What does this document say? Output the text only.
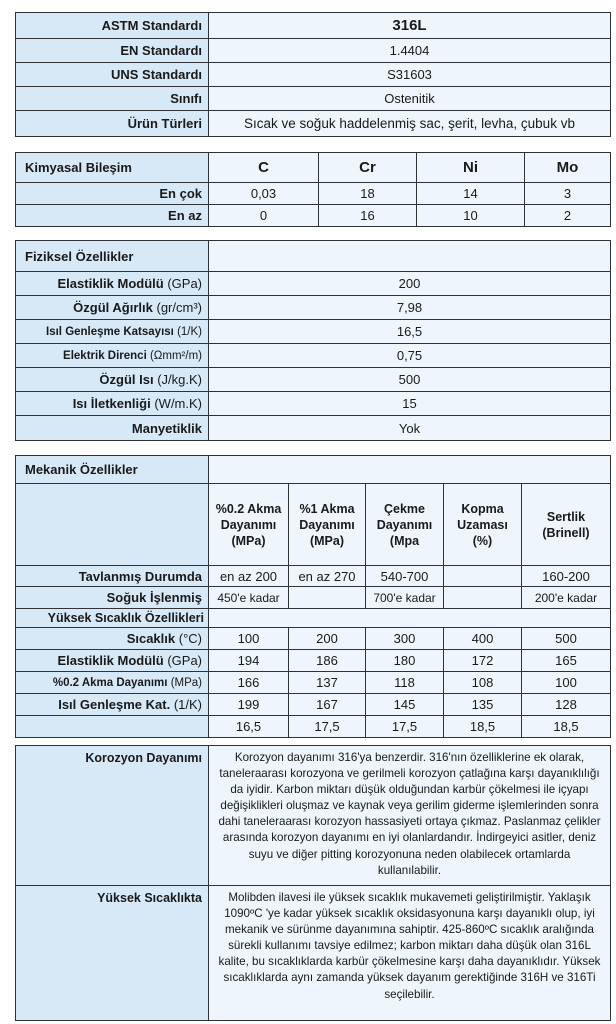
ASTM Standardı	316L
EN Standardı	1.4404
UNS Standardı	S31603
Sınıfı	Ostenitik
Ürün Türleri	Sıcak ve soğuk haddelenmiş sac, şerit, levha, çubuk vb
Kimyasal Bileşim	C	Cr	Ni	Mo
En çok	0,03	18	14	3
En az	0	16	10	2
Fiziksel Özellikler	
Elastiklik Modülü (GPa)	200
Özgül Ağırlık (gr/cm³)	7,98
Isıl Genleşme Katsayısı (1/K)	16,5
Elektrik Direnci (Ωmm²/m)	0,75
Özgül Isı (J/kg.K)	500
Isı İletkenliği (W/m.K)	15
Manyetiklik	Yok
Mekanik Özellikler					
	%0.2 Akma Dayanımı (MPa)	%1 Akma Dayanımı (MPa)	Çekme Dayanımı (Mpa	Kopma Uzaması (%)	Sertlik (Brinell)
Tavlanmış Durumda	en az 200	en az 270	540-700		160-200
Soğuk İşlenmiş	450'e kadar		700'e kadar		200'e kadar
Yüksek Sıcaklık Özellikleri					
Sıcaklık (°C)	100	200	300	400	500
Elastiklik Modülü (GPa)	194	186	180	172	165
%0.2 Akma Dayanımı (MPa)	166	137	118	108	100
Isıl Genleşme Kat. (1/K)	199	167	145	135	128
	16,5	17,5	17,5	18,5	18,5
Korozyon Dayanımı	Korozyon dayanımı 316'ya benzerdir. 316'nın özelliklerine ek olarak, taneleraarası korozyona ve gerilmeli korozyon çatlağına karşı dayanıklılığı da iyidir. Karbon miktarı düşük olduğundan karbür çökelmesi ile içyapı değişiklikleri oluşmaz ve kaynak veya gerilim giderme işlemlerinden sonra dahi taneleraarası korozyon hassasiyeti ortaya çıkmaz. Paslanmaz çelikler arasında korozyon dayanımı en iyi olanlardandır. İndirgeyici asitler, deniz suyu ve diğer pitting korozyonuna neden olabilecek ortamlarda kullanılabilir.
Yüksek Sıcaklıkta	Molibden ilavesi ile yüksek sıcaklık mukavemeti geliştirilmiştir. Yaklaşık 1090ºC 'ye kadar yüksek sıcaklık oksidasyonuna karşı dayanıklı olup, iyi mekanik ve sürünme dayanımına sahiptir. 425-860ºC sıcaklık aralığında sürekli kullanımı tavsiye edilmez; karbon miktarı daha düşük olan 316L kalite, bu sıcaklıklarda karbür çökelmesine karşı daha dayanıklıdır. Yüksek sıcaklıklarda aynı zamanda yüksek dayanım gerektiğinde 316H ve 316Ti seçilebilir.
